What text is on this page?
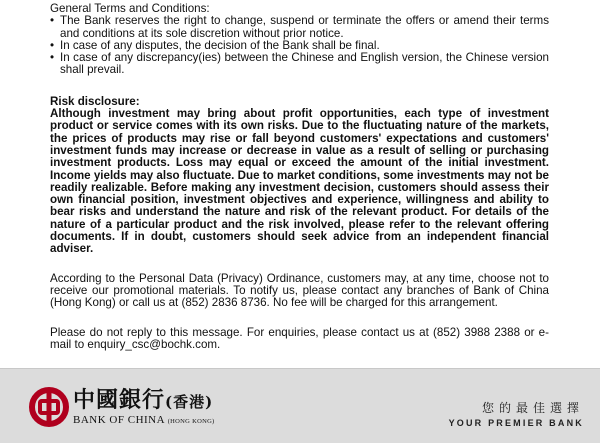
General Terms and Conditions:
• The Bank reserves the right to change, suspend or terminate the offers or amend their terms and conditions at its sole discretion without prior notice.
• In case of any disputes, the decision of the Bank shall be final.
• In case of any discrepancy(ies) between the Chinese and English version, the Chinese version shall prevail.
Risk disclosure:
Although investment may bring about profit opportunities, each type of investment product or service comes with its own risks. Due to the fluctuating nature of the markets, the prices of products may rise or fall beyond customers' expectations and customers' investment funds may increase or decrease in value as a result of selling or purchasing investment products. Loss may equal or exceed the amount of the initial investment. Income yields may also fluctuate. Due to market conditions, some investments may not be readily realizable. Before making any investment decision, customers should assess their own financial position, investment objectives and experience, willingness and ability to bear risks and understand the nature and risk of the relevant product. For details of the nature of a particular product and the risk involved, please refer to the relevant offering documents. If in doubt, customers should seek advice from an independent financial adviser.
According to the Personal Data (Privacy) Ordinance, customers may, at any time, choose not to receive our promotional materials. To notify us, please contact any branches of Bank of China (Hong Kong) or call us at (852) 2836 8736. No fee will be charged for this arrangement.
Please do not reply to this message. For enquiries, please contact us at (852) 3988 2388 or e-mail to enquiry_csc@bochk.com.
中國銀行(香港)
BANK OF CHINA (HONG KONG)
您的最佳選擇
YOUR PREMIER BANK
